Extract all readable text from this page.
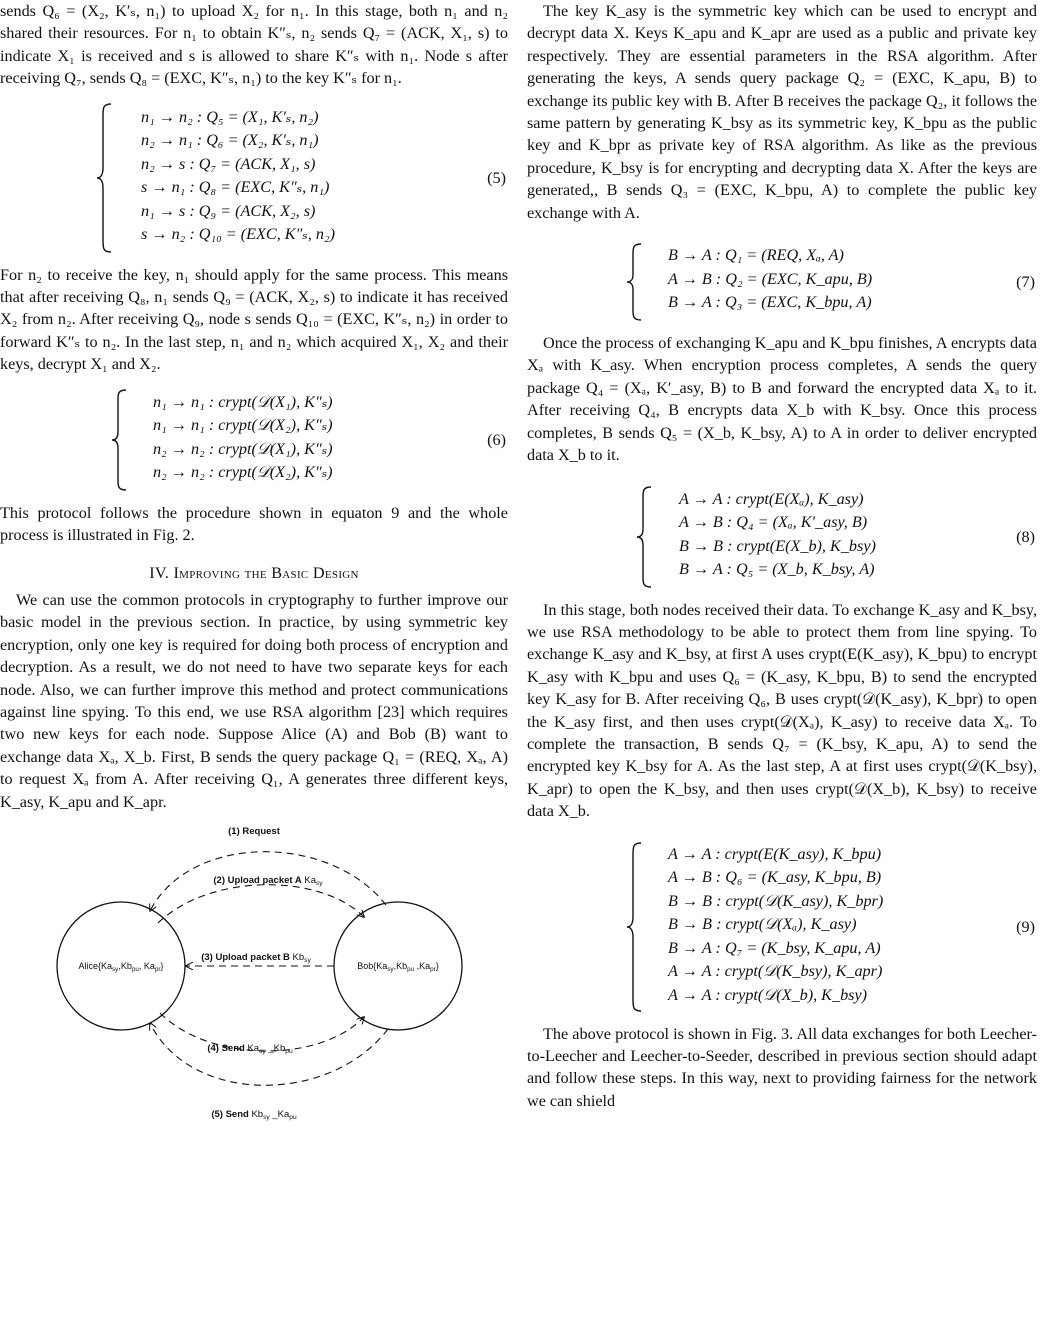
sends Q₆ = (X₂, K′ₛ, n₁) to upload X₂ for n₁. In this stage, both n₁ and n₂ shared their resources. For n₁ to obtain K″ₛ, n₂ sends Q₇ = (ACK, X₁, s) to indicate X₁ is received and s is allowed to share K″ₛ with n₁. Node s after receiving Q₇, sends Q₈ = (EXC, K″ₛ, n₁) to the key K″ₛ for n₁.

n₁ → n₂ : Q₅ = (X₁, K′ₛ, n₂)
n₂ → n₁ : Q₆ = (X₂, K′ₛ, n₁)
n₂ → s : Q₇ = (ACK, X₁, s)
s → n₁ : Q₈ = (EXC, K″ₛ, n₁)
n₁ → s : Q₉ = (ACK, X₂, s)
s → n₂ : Q₁₀ = (EXC, K″ₛ, n₂)
(5)

For n₂ to receive the key, n₁ should apply for the same process. This means that after receiving Q₈, n₁ sends Q₉ = (ACK, X₂, s) to indicate it has received X₂ from n₂. After receiving Q₉, node s sends Q₁₀ = (EXC, K″ₛ, n₂) in order to forward K″ₛ to n₂. In the last step, n₁ and n₂ which acquired X₁, X₂ and their keys, decrypt X₁ and X₂.

n₁ → n₁ : crypt(𝒟(X₁), K″ₛ)
n₁ → n₁ : crypt(𝒟(X₂), K″ₛ)
n₂ → n₂ : crypt(𝒟(X₁), K″ₛ)
n₂ → n₂ : crypt(𝒟(X₂), K″ₛ)
(6)

This protocol follows the procedure shown in equaton 9 and the whole process is illustrated in Fig. 2.

IV. Improving the Basic Design

We can use the common protocols in cryptography to further improve our basic model in the previous section. In practice, by using symmetric key encryption, only one key is required for doing both process of encryption and decryption. As a result, we do not need to have two separate keys for each node. Also, we can further improve this method and protect communications against line spying. To this end, we use RSA algorithm [23] which requires two new keys for each node. Suppose Alice (A) and Bob (B) want to exchange data Xₐ, X_b. First, B sends the query package Q₁ = (REQ, Xₐ, A) to request Xₐ from A. After receiving Q₁, A generates three different keys, K_asy, K_apu and K_apr.

$Alice\{Ka_{sy},Kb_{pu}$, $Ka_{pr}$}	$Bob\{Ka_{sy},Kb_{pu}$ $,Ka_{pr}$}
(1) Request
(2) Upload packet A $Ka_{sy}$
(3) Upload packet B $Kb_{sy}$
(4) Send $Ka_{sy}$ $\_Kb_{pu}$
(5) Send $Kb_{sy}$ $\_Ka_{pu}$

The key K_asy is the symmetric key which can be used to encrypt and decrypt data X. Keys K_apu and K_apr are used as a public and private key respectively. They are essential parameters in the RSA algorithm. After generating the keys, A sends query package Q₂ = (EXC, K_apu, B) to exchange its public key with B. After B receives the package Q₂, it follows the same pattern by generating K_bsy as its symmetric key, K_bpu as the public key and K_bpr as private key of RSA algorithm. As like as the previous procedure, K_bsy is for encrypting and decrypting data X. After the keys are generated,, B sends Q₃ = (EXC, K_bpu, A) to complete the public key exchange with A.

B → A : Q₁ = (REQ, Xₐ, A)
A → B : Q₂ = (EXC, K_apu, B)
B → A : Q₃ = (EXC, K_bpu, A)
(7)

Once the process of exchanging K_apu and K_bpu finishes, A encrypts data Xₐ with K_asy. When encryption process completes, A sends the query package Q₄ = (Xₐ, K′_asy, B) to B and forward the encrypted data Xₐ to it. After receiving Q₄, B encrypts data X_b with K_bsy. Once this process completes, B sends Q₅ = (X_b, K_bsy, A) to A in order to deliver encrypted data X_b to it.

A → A : crypt(E(Xₐ), K_asy)
A → B : Q₄ = (Xₐ, K′_asy, B)
B → B : crypt(E(X_b), K_bsy)
B → A : Q₅ = (X_b, K_bsy, A)
(8)

In this stage, both nodes received their data. To exchange K_asy and K_bsy, we use RSA methodology to be able to protect them from line spying. To exchange K_asy and K_bsy, at first A uses crypt(E(K_asy), K_bpu) to encrypt K_asy with K_bpu and uses Q₆ = (K_asy, K_bpu, B) to send the encrypted key K_asy for B. After receiving Q₆, B uses crypt(𝒟(K_asy), K_bpr) to open the K_asy first, and then uses crypt(𝒟(Xₐ), K_asy) to receive data Xₐ. To complete the transaction, B sends Q₇ = (K_bsy, K_apu, A) to send the encrypted key K_bsy for A. As the last step, A at first uses crypt(𝒟(K_bsy), K_apr) to open the K_bsy, and then uses crypt(𝒟(X_b), K_bsy) to receive data X_b.

A → A : crypt(E(K_asy), K_bpu)
A → B : Q₆ = (K_asy, K_bpu, B)
B → B : crypt(𝒟(K_asy), K_bpr)
B → B : crypt(𝒟(Xₐ), K_asy)
B → A : Q₇ = (K_bsy, K_apu, A)
A → A : crypt(𝒟(K_bsy), K_apr)
A → A : crypt(𝒟(X_b), K_bsy)
(9)

The above protocol is shown in Fig. 3. All data exchanges for both Leecher-to-Leecher and Leecher-to-Seeder, described in previous section should adapt and follow these steps. In this way, next to providing fairness for the network we can shield
